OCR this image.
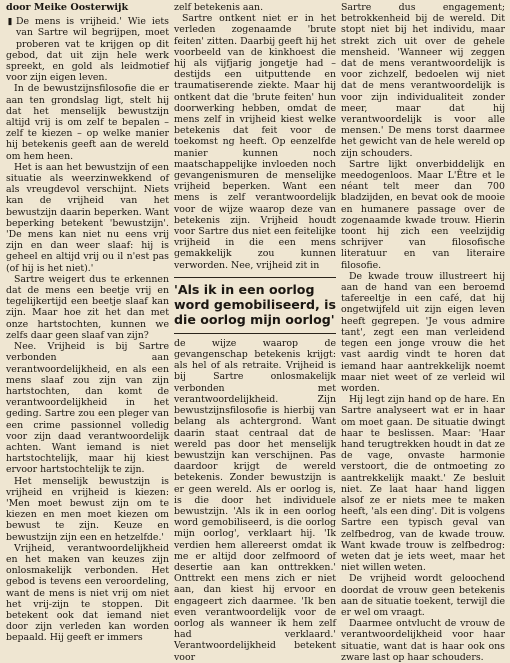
door Meike Oosterwijk

' De mens is vrijheid.' Wie iets van Sartre wil begrijpen, moet proberen vat te krijgen op dit gebod, dat uit zijn hele werk spreekt, en gold als leidmotief voor zijn eigen leven.

In de bewustzijnsfilosofie die er aan ten grondslag ligt, stelt hij dat het menselijk bewustzijn altijd vrij is om zelf te bepalen – zelf te kiezen – op welke manier hij betekenis geeft aan de wereld om hem heen.

Het is aan het bewustzijn of een situatie als weerzinwekkend of als vreugdevol verschijnt. Niets kan de vrijheid van het bewustzijn daarin beperken. Want beperking betekent 'bewustzijn'. 'De mens kan niet nu eens vrij zijn en dan weer slaaf: hij is geheel en altijd vrij ou il n'est pas (of hij is het niet).'

Sartre weigert dus te erkennen dat de mens een beetje vrij en tegelijkertijd een beetje slaaf kan zijn. Maar hoe zit het dan met onze hartstochten, kunnen we zelfs daar geen slaaf van zijn?

Nee. Vrijheid is bij Sartre verbonden aan verantwoordelijkheid, en als een mens slaaf zou zijn van zijn hartstochten, dan komt de verantwoordelijkheid in het geding. Sartre zou een pleger van een crime passionnel volledig voor zijn daad verantwoordelijk achten. Want iemand is niet hartstochtelijk, maar hij kiest ervoor hartstochtelijk te zijn.

Het menselijk bewustzijn is vrijheid en vrijheid is kiezen: 'Men moet bewust zijn om te kiezen en men moet kiezen om bewust te zijn. Keuze en bewustzijn zijn een en hetzelfde.'

Vrijheid, verantwoordelijkheid en het maken van keuzes zijn onlosmakelijk verbonden. Het gebod is tevens een veroordeling, want de mens is niet vrij om niet het vrij-zijn te stoppen. Dit betekent ook dat iemand niet door zijn verleden kan worden bepaald. Hij geeft er immers

zelf betekenis aan.

Sartre ontkent niet er in het verleden zogenaamde 'brute feiten' zitten. Daarbij geeft hij het voorbeeld van de kinkhoest die hij als vijfjarig jongetje had – destijds een uitputtende en traumatiserende ziekte. Maar hij ontkent dat die 'brute feiten' hun doorwerking hebben, omdat de mens zelf in vrijheid kiest welke betekenis dat feit voor de toekomst ng heeft. Op eenzelfde manier kunnen noch maatschappelijke invloeden noch gevangenismuren de menselijke vrijheid beperken. Want een mens is zelf verantwoordelijk voor de wijze waarop deze van betekenis zijn. Vrijheid houdt voor Sartre dus niet een feitelijke vrijheid in die een mens gemakkelijk zou kunnen verworden. Nee, vrijheid zit in

'Als ik in een oorlog word gemobiliseerd, is die oorlog mijn oorlog'

de wijze waarop de gevangenschap betekenis krijgt: als hel of als retraite. Vrijheid is bij Sartre onlosmakelijk verbonden met verantwoordelijkheid. Zijn bewustzijnsfilosofie is hierbij van belang als achtergrond. Want daarin staat centraal dat de wereld pas door het menselijk bewustzijn kan verschijnen. Pas daardoor krijgt de wereld betekenis. Zonder bewustzijn is er geen wereld. Als er oorlog is, is die door het individuele bewustzijn. 'Als ik in een oorlog word gemobiliseerd, is die oorlog mijn oorlog', verklaart hij. 'Ik verdien hem allereerst omdat ik me er altijd door zelfmoord of desertie aan kan onttrekken.' Onttrekt een mens zich er niet aan, dan kiest hij ervoor en engageert zich daarmee. 'Ik ben even verantwoordelijk voor de oorlog als wanneer ik hem zelf had verklaard.' Verantwoordelijkheid betekent voor

Sartre dus engagement; betrokkenheid bij de wereld. Dit stopt niet bij het individu, maar strekt zich uit over de gehele mensheid. 'Wanneer wij zeggen dat de mens verantwoordelijk is voor zichzelf, bedoelen wij niet dat de mens verantwoordelijk is voor zijn individualiteit zonder meer, maar dat hij verantwoordelijk is voor alle mensen.' De mens torst daarmee het gewicht van de hele wereld op zijn schouders.

Sartre lijkt onverbiddelijk en meedogenloos. Maar L'Être et le néant telt meer dan 700 bladzijden, en bevat ook de mooie en humanere passage over de zogenaamde kwade trouw. Hierin toont hij zich een veelzijdig schrijver van filosofische literatuur en van literaire filosofie.

De kwade trouw illustreert hij aan de hand van een beroemd tafereeltje in een café, dat hij ongetwijfeld uit zijn eigen leven heeft gegrepen. 'Je vous admire tant', zegt een man verleidend tegen een jonge vrouw die het vast aardig vindt te horen dat iemand haar aantrekkelijk noemt maar niet weet of ze verleid wil worden.

Hij legt zijn hand op de hare. En Sartre analyseert wat er in haar om moet gaan. De situatie dwingt haar te beslissen. Maar: 'Haar hand terugtrekken houdt in dat ze de vage, onvaste harmonie verstoort, die de ontmoeting zo aantrekkelijk maakt.' Ze besluit niet. Ze laat haar hand liggen alsof ze er niets mee te maken heeft, 'als een ding'. Dit is volgens Sartre een typisch geval van zelfbedrog, van de kwade trouw. Want kwade trouw is zelfbedrog: weten dat je iets weet, maar het niet willen weten.

De vrijheid wordt geloochend doordat de vrouw geen betekenis aan de situatie toekent, terwijl die er wel om vraagt.

Daarmee ontvlucht de vrouw de verantwoordelijkheid voor haar situatie, want dat is haar ook ons zware last op haar schouders.
